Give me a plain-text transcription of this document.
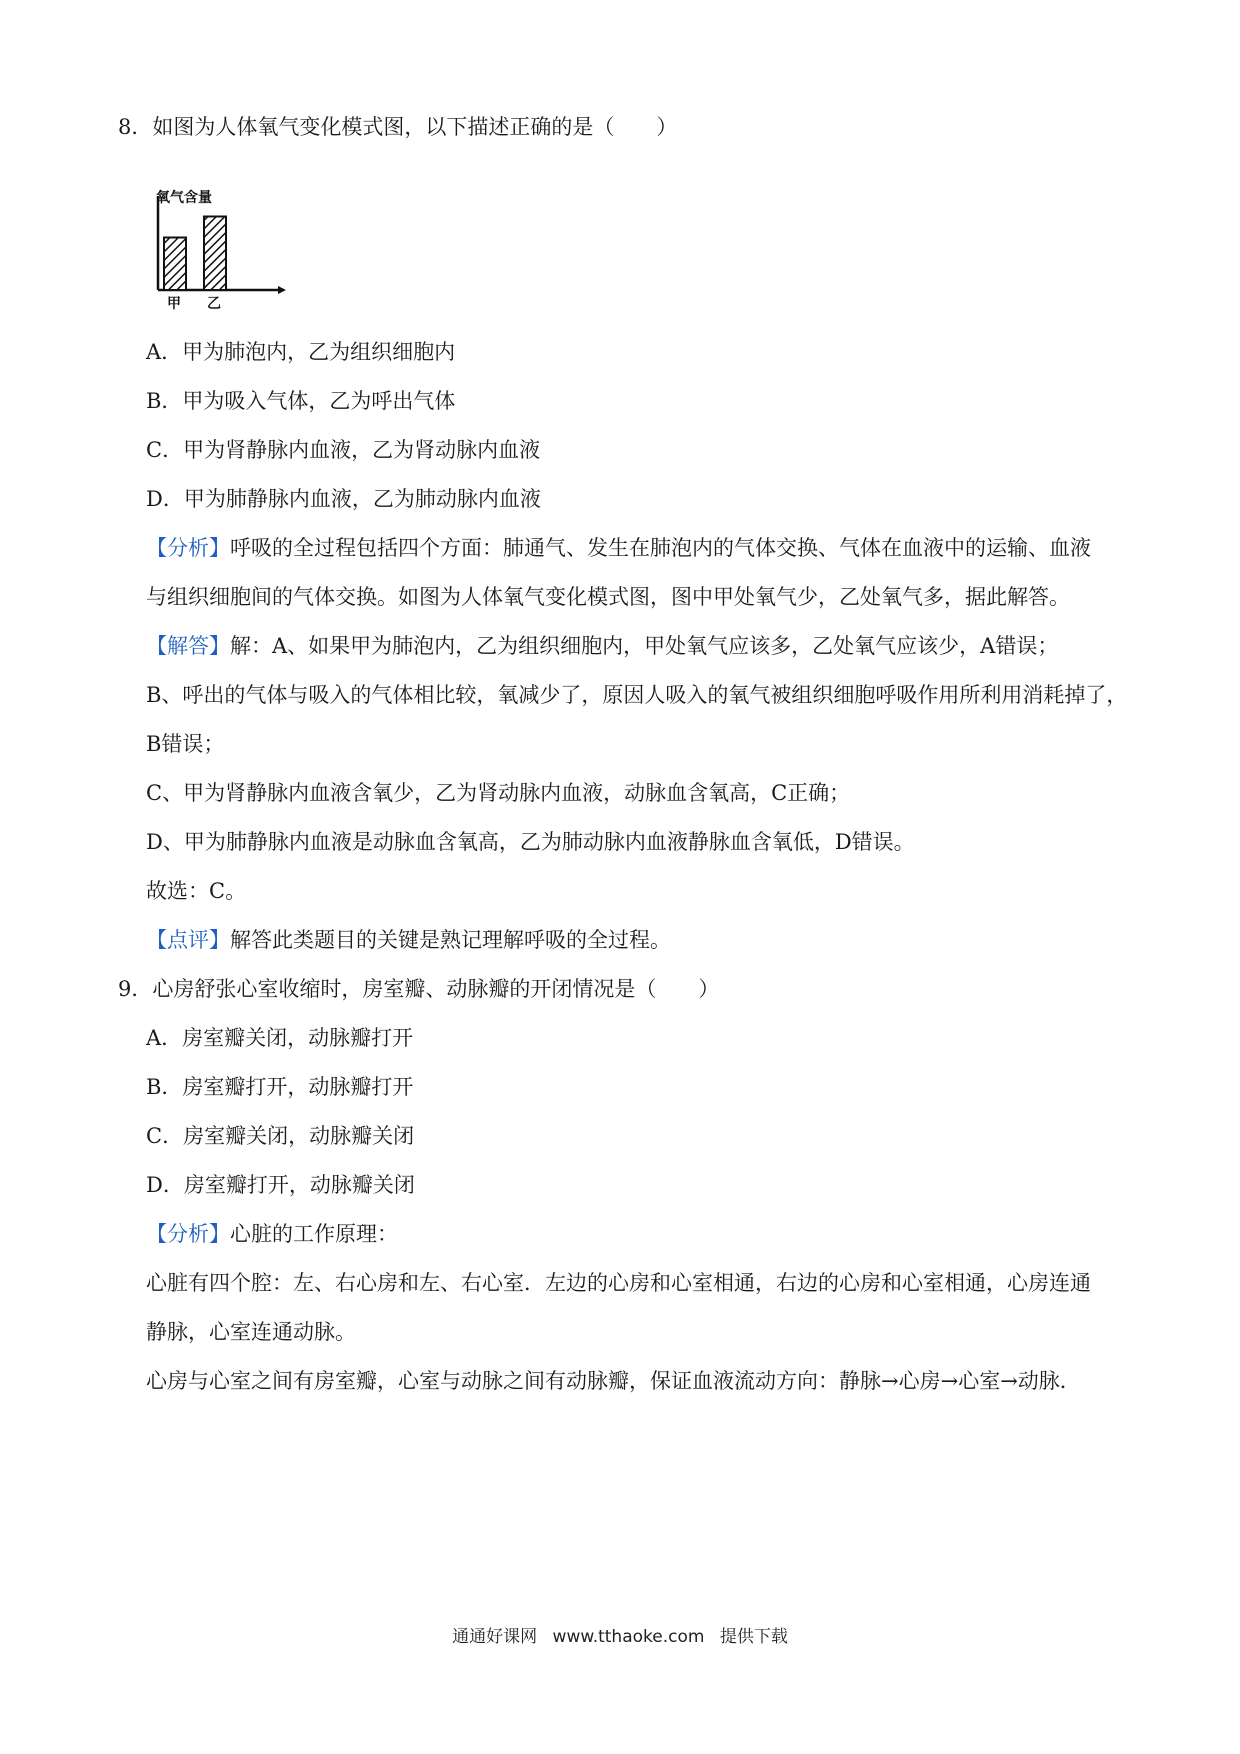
8．如图为人体氧气变化模式图，以下描述正确的是（　　）
氧气含量
甲 乙
A．甲为肺泡内，乙为组织细胞内
B．甲为吸入气体，乙为呼出气体
C．甲为肾静脉内血液，乙为肾动脉内血液
D．甲为肺静脉内血液，乙为肺动脉内血液
【分析】呼吸的全过程包括四个方面：肺通气、发生在肺泡内的气体交换、气体在血液中的运输、血液
与组织细胞间的气体交换。如图为人体氧气变化模式图，图中甲处氧气少，乙处氧气多，据此解答。
【解答】解：A、如果甲为肺泡内，乙为组织细胞内，甲处氧气应该多，乙处氧气应该少，A错误；
B、呼出的气体与吸入的气体相比较，氧减少了，原因人吸入的氧气被组织细胞呼吸作用所利用消耗掉了，
B错误；
C、甲为肾静脉内血液含氧少，乙为肾动脉内血液，动脉血含氧高，C正确；
D、甲为肺静脉内血液是动脉血含氧高，乙为肺动脉内血液静脉血含氧低，D错误。
故选：C。
【点评】解答此类题目的关键是熟记理解呼吸的全过程。
9．心房舒张心室收缩时，房室瓣、动脉瓣的开闭情况是（　　）
A．房室瓣关闭，动脉瓣打开
B．房室瓣打开，动脉瓣打开
C．房室瓣关闭，动脉瓣关闭
D．房室瓣打开，动脉瓣关闭
【分析】心脏的工作原理：
心脏有四个腔：左、右心房和左、右心室．左边的心房和心室相通，右边的心房和心室相通，心房连通
静脉，心室连通动脉。
心房与心室之间有房室瓣，心室与动脉之间有动脉瓣，保证血液流动方向：静脉→心房→心室→动脉．
通通好课网 www.tthaoke.com 提供下载
